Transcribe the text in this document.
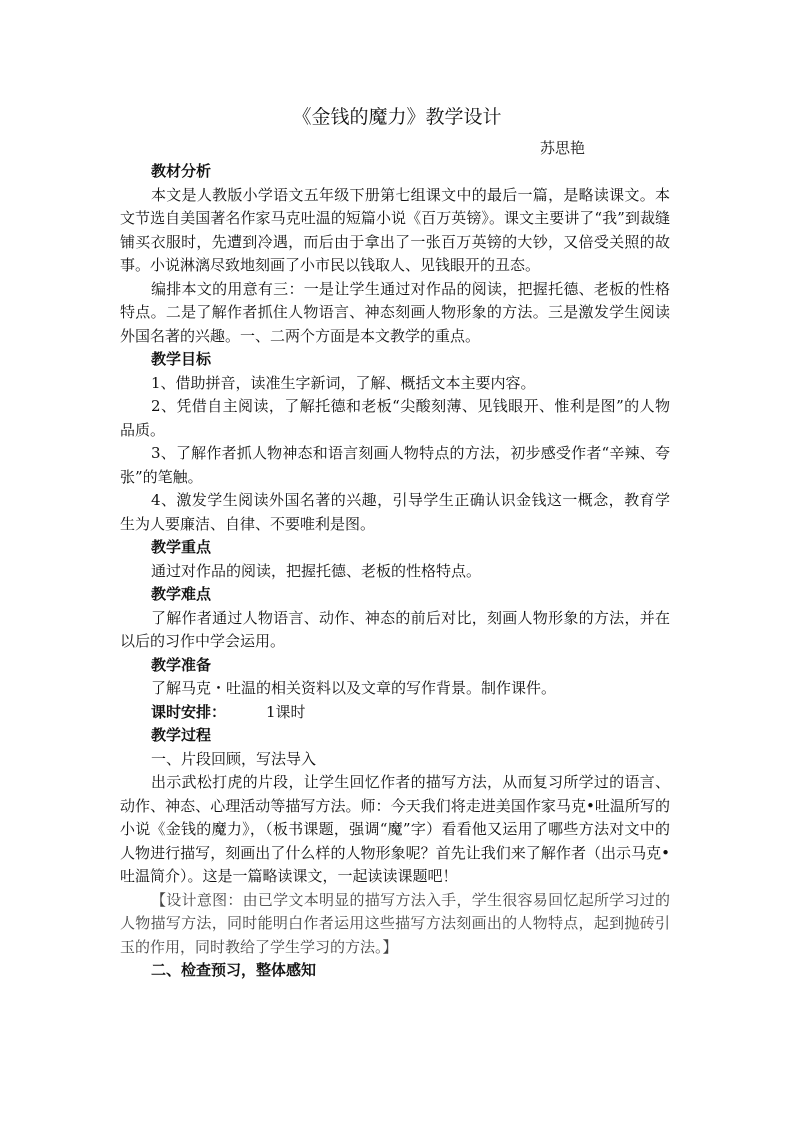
《金钱的魔力》教学设计
苏思艳
教材分析

本文是人教版小学语文五年级下册第七组课文中的最后一篇，是略读课文。本文节选自美国著名作家马克吐温的短篇小说《百万英镑》。课文主要讲了“我”到裁缝铺买衣服时，先遭到冷遇，而后由于拿出了一张百万英镑的大钞，又倍受关照的故事。小说淋漓尽致地刻画了小市民以钱取人、见钱眼开的丑态。

编排本文的用意有三：一是让学生通过对作品的阅读，把握托德、老板的性格特点。二是了解作者抓住人物语言、神态刻画人物形象的方法。三是激发学生阅读外国名著的兴趣。一、二两个方面是本文教学的重点。

教学目标

1、借助拼音，读准生字新词，了解、概括文本主要内容。

2、凭借自主阅读，了解托德和老板“尖酸刻薄、见钱眼开、惟利是图”的人物品质。

3、了解作者抓人物神态和语言刻画人物特点的方法，初步感受作者“辛辣、夸张”的笔触。

4、激发学生阅读外国名著的兴趣，引导学生正确认识金钱这一概念，教育学生为人要廉洁、自律、不要唯利是图。

教学重点

通过对作品的阅读，把握托德、老板的性格特点。

教学难点

了解作者通过人物语言、动作、神态的前后对比，刻画人物形象的方法，并在以后的习作中学会运用。

教学准备

了解马克・吐温的相关资料以及文章的写作背景。制作课件。

课时安排：	1课时
教学过程

一、片段回顾，写法导入

出示武松打虎的片段，让学生回忆作者的描写方法，从而复习所学过的语言、动作、神态、心理活动等描写方法。师：今天我们将走进美国作家马克•吐温所写的小说《金钱的魔力》，（板书课题，强调“魔”字）看看他又运用了哪些方法对文中的人物进行描写，刻画出了什么样的人物形象呢？首先让我们来了解作者（出示马克•吐温简介）。这是一篇略读课文，一起读读课题吧！

【设计意图：由已学文本明显的描写方法入手，学生很容易回忆起所学习过的人物描写方法，同时能明白作者运用这些描写方法刻画出的人物特点，起到抛砖引玉的作用，同时教给了学生学习的方法。】

二、检查预习，整体感知
